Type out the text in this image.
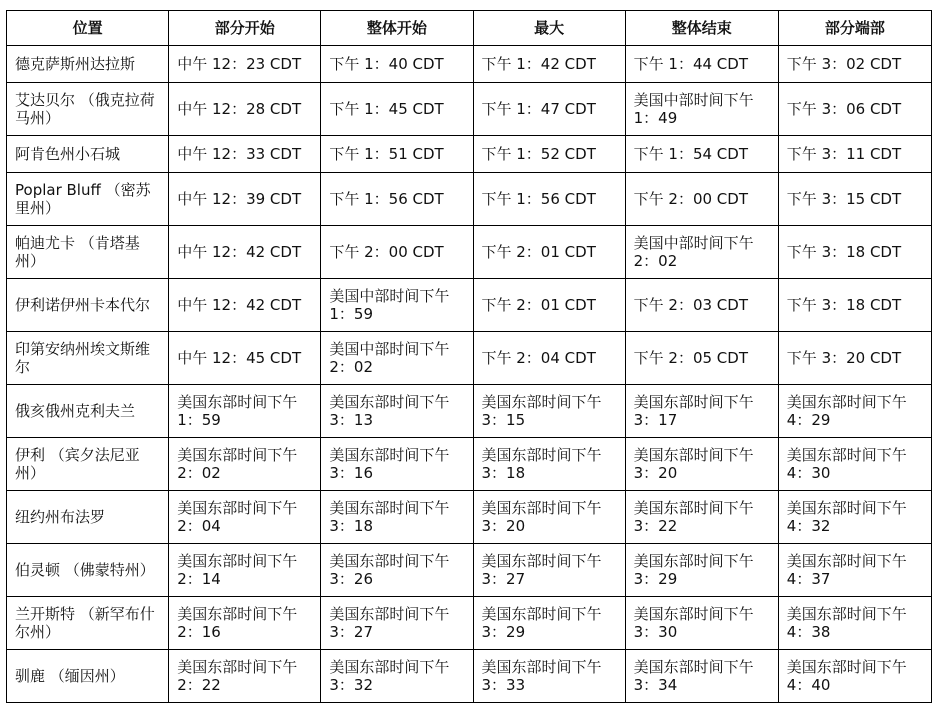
位置	部分开始	整体开始	最大	整体结束	部分端部
德克萨斯州达拉斯	中午 12：23 CDT	下午 1：40 CDT	下午 1：42 CDT	下午 1：44 CDT	下午 3：02 CDT
艾达贝尔 （俄克拉荷马州）	中午 12：28 CDT	下午 1：45 CDT	下午 1：47 CDT	美国中部时间下午 1：49	下午 3：06 CDT
阿肯色州小石城	中午 12：33 CDT	下午 1：51 CDT	下午 1：52 CDT	下午 1：54 CDT	下午 3：11 CDT
Poplar Bluff （密苏里州）	中午 12：39 CDT	下午 1：56 CDT	下午 1：56 CDT	下午 2：00 CDT	下午 3：15 CDT
帕迪尤卡 （肯塔基州）	中午 12：42 CDT	下午 2：00 CDT	下午 2：01 CDT	美国中部时间下午 2：02	下午 3：18 CDT
伊利诺伊州卡本代尔	中午 12：42 CDT	美国中部时间下午 1：59	下午 2：01 CDT	下午 2：03 CDT	下午 3：18 CDT
印第安纳州埃文斯维尔	中午 12：45 CDT	美国中部时间下午 2：02	下午 2：04 CDT	下午 2：05 CDT	下午 3：20 CDT
俄亥俄州克利夫兰	美国东部时间下午 1：59	美国东部时间下午 3：13	美国东部时间下午 3：15	美国东部时间下午 3：17	美国东部时间下午 4：29
伊利 （宾夕法尼亚州）	美国东部时间下午 2：02	美国东部时间下午 3：16	美国东部时间下午 3：18	美国东部时间下午 3：20	美国东部时间下午 4：30
纽约州布法罗	美国东部时间下午 2：04	美国东部时间下午 3：18	美国东部时间下午 3：20	美国东部时间下午 3：22	美国东部时间下午 4：32
伯灵顿 （佛蒙特州）	美国东部时间下午 2：14	美国东部时间下午 3：26	美国东部时间下午 3：27	美国东部时间下午 3：29	美国东部时间下午 4：37
兰开斯特 （新罕布什尔州）	美国东部时间下午 2：16	美国东部时间下午 3：27	美国东部时间下午 3：29	美国东部时间下午 3：30	美国东部时间下午 4：38
驯鹿 （缅因州）	美国东部时间下午 2：22	美国东部时间下午 3：32	美国东部时间下午 3：33	美国东部时间下午 3：34	美国东部时间下午 4：40
